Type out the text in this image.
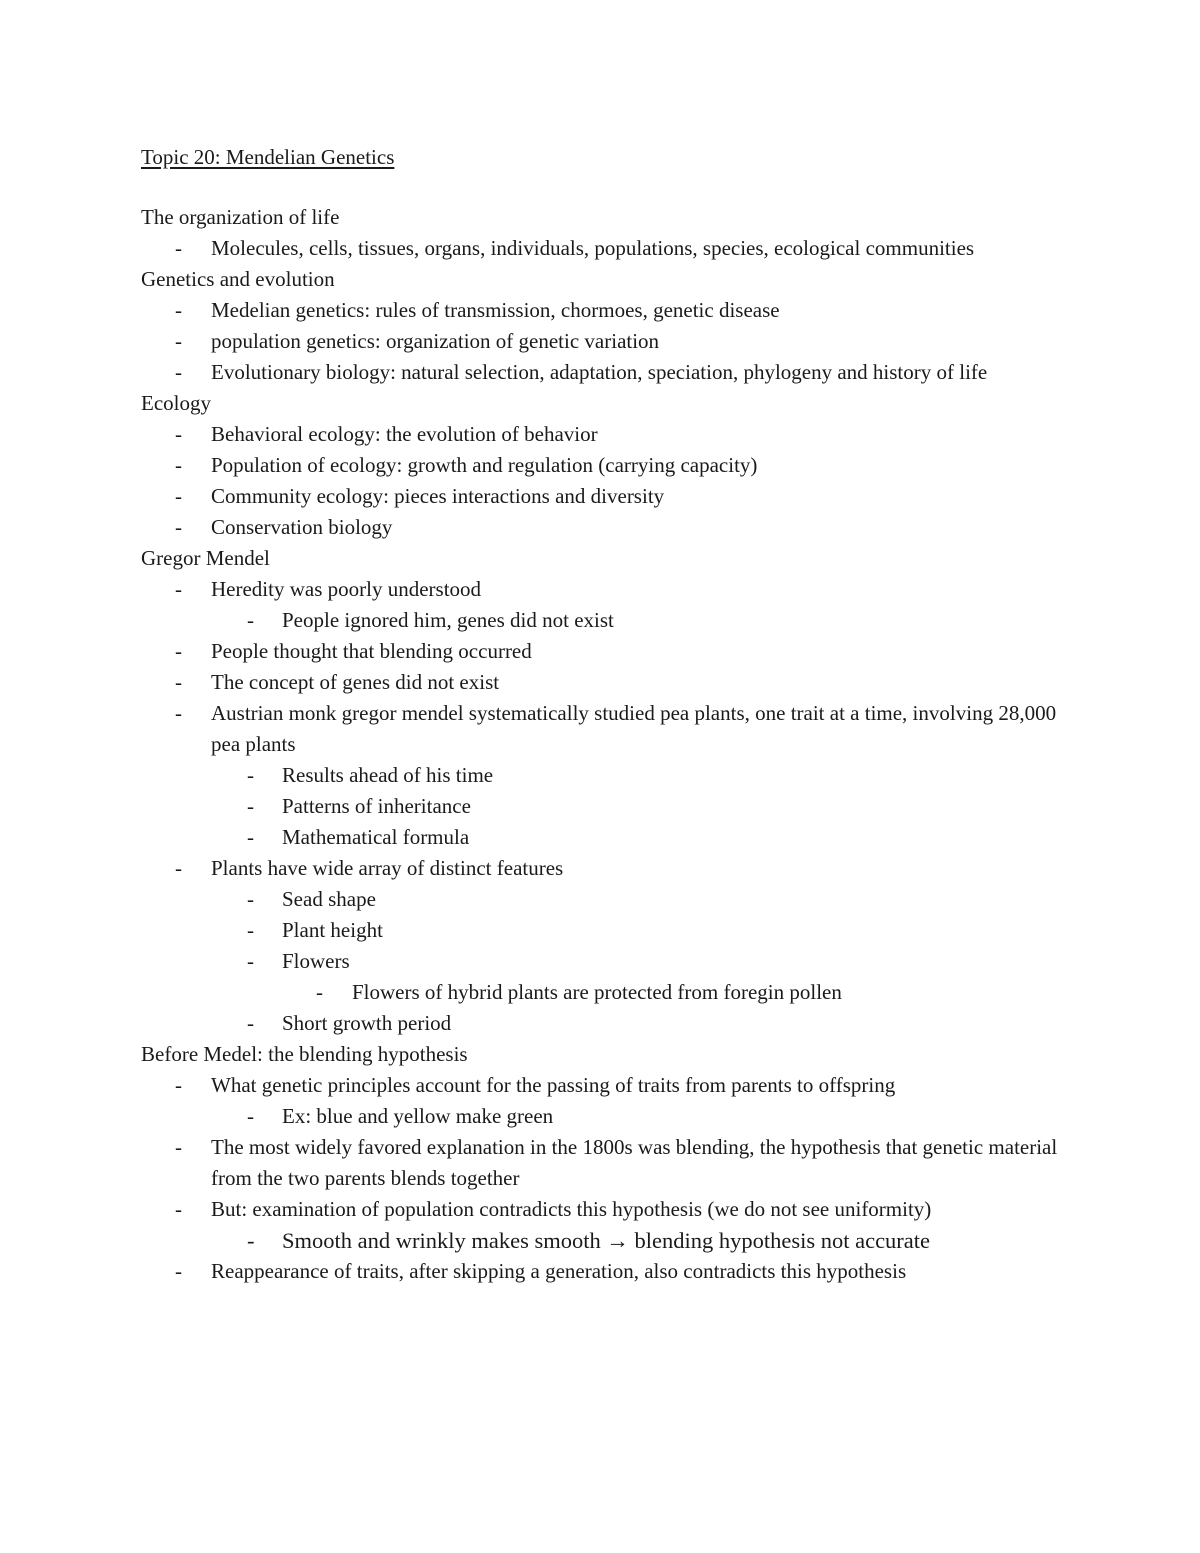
Topic 20: Mendelian Genetics
The organization of life
- Molecules, cells, tissues, organs, individuals, populations, species, ecological communities
Genetics and evolution
- Medelian genetics: rules of transmission, chormoes, genetic disease
- population genetics: organization of genetic variation
- Evolutionary biology: natural selection, adaptation, speciation, phylogeny and history of life
Ecology
- Behavioral ecology: the evolution of behavior
- Population of ecology: growth and regulation (carrying capacity)
- Community ecology: pieces interactions and diversity
- Conservation biology
Gregor Mendel
- Heredity was poorly understood
- People ignored him, genes did not exist
- People thought that blending occurred
- The concept of genes did not exist
- Austrian monk gregor mendel systematically studied pea plants, one trait at a time, involving 28,000 pea plants
- Results ahead of his time
- Patterns of inheritance
- Mathematical formula
- Plants have wide array of distinct features
- Sead shape
- Plant height
- Flowers
- Flowers of hybrid plants are protected from foregin pollen
- Short growth period
Before Medel: the blending hypothesis
- What genetic principles account for the passing of traits from parents to offspring
- Ex: blue and yellow make green
- The most widely favored explanation in the 1800s was blending, the hypothesis that genetic material from the two parents blends together
- But: examination of population contradicts this hypothesis (we do not see uniformity)
- Smooth and wrinkly makes smooth → blending hypothesis not accurate
- Reappearance of traits, after skipping a generation, also contradicts this hypothesis
